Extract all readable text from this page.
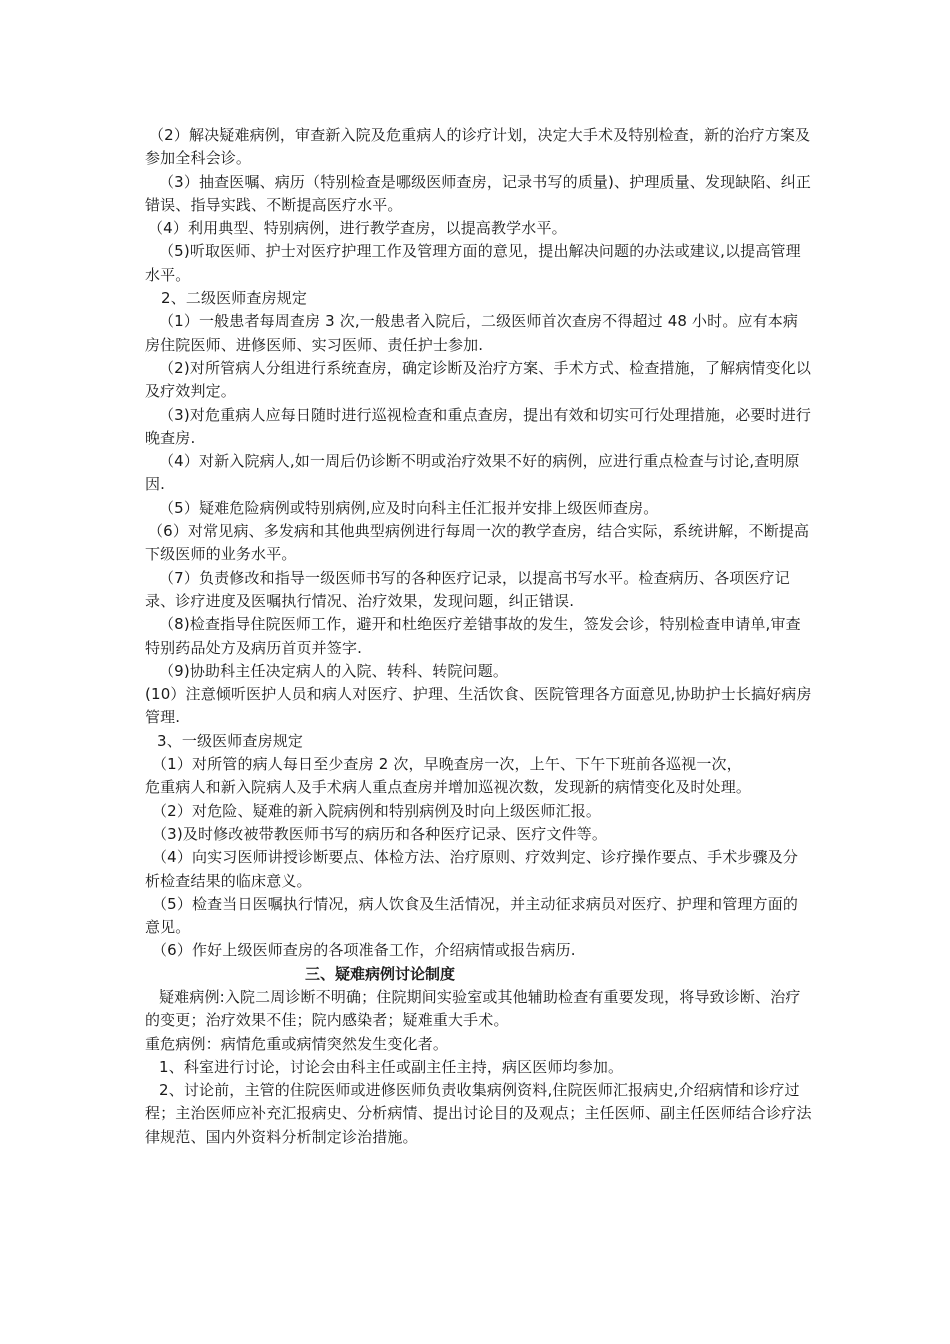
（2）解决疑难病例，审查新入院及危重病人的诊疗计划，决定大手术及特别检查，新的治疗方案及参加全科会诊。

（3）抽查医嘱、病历（特别检查是哪级医师查房，记录书写的质量)、护理质量、发现缺陷、纠正错误、指导实践、不断提高医疗水平。

（4）利用典型、特别病例，进行教学查房，以提高教学水平。

（5)听取医师、护士对医疗护理工作及管理方面的意见，提出解决问题的办法或建议,以提高管理水平。

2、二级医师查房规定

（1）一般患者每周查房 3 次,一般患者入院后，二级医师首次查房不得超过 48 小时。应有本病房住院医师、进修医师、实习医师、责任护士参加.

（2)对所管病人分组进行系统查房，确定诊断及治疗方案、手术方式、检查措施，了解病情变化以及疗效判定。

（3)对危重病人应每日随时进行巡视检查和重点查房，提出有效和切实可行处理措施，必要时进行晚查房.

（4）对新入院病人,如一周后仍诊断不明或治疗效果不好的病例，应进行重点检查与讨论,查明原因.

（5）疑难危险病例或特别病例,应及时向科主任汇报并安排上级医师查房。

（6）对常见病、多发病和其他典型病例进行每周一次的教学查房，结合实际，系统讲解，不断提高下级医师的业务水平。

（7）负责修改和指导一级医师书写的各种医疗记录，以提高书写水平。检查病历、各项医疗记录、诊疗进度及医嘱执行情况、治疗效果，发现问题，纠正错误.

（8)检查指导住院医师工作，避开和杜绝医疗差错事故的发生，签发会诊，特别检查申请单,审查特别药品处方及病历首页并签字.

（9)协助科主任决定病人的入院、转科、转院问题。

(10）注意倾听医护人员和病人对医疗、护理、生活饮食、医院管理各方面意见,协助护士长搞好病房管理.

3、一级医师查房规定

（1）对所管的病人每日至少查房 2 次，早晚查房一次，上午、下午下班前各巡视一次，

危重病人和新入院病人及手术病人重点查房并增加巡视次数，发现新的病情变化及时处理。

（2）对危险、疑难的新入院病例和特别病例及时向上级医师汇报。

（3)及时修改被带教医师书写的病历和各种医疗记录、医疗文件等。

（4）向实习医师讲授诊断要点、体检方法、治疗原则、疗效判定、诊疗操作要点、手术步骤及分析检查结果的临床意义。

（5）检查当日医嘱执行情况，病人饮食及生活情况，并主动征求病员对医疗、护理和管理方面的意见。

（6）作好上级医师查房的各项准备工作，介绍病情或报告病历.

三、疑难病例讨论制度

疑难病例:入院二周诊断不明确；住院期间实验室或其他辅助检查有重要发现，将导致诊断、治疗的变更；治疗效果不佳；院内感染者；疑难重大手术。

重危病例：病情危重或病情突然发生变化者。

1、科室进行讨论，讨论会由科主任或副主任主持，病区医师均参加。

2、讨论前，主管的住院医师或进修医师负责收集病例资料,住院医师汇报病史,介绍病情和诊疗过程；主治医师应补充汇报病史、分析病情、提出讨论目的及观点；主任医师、副主任医师结合诊疗法律规范、国内外资料分析制定诊治措施。
